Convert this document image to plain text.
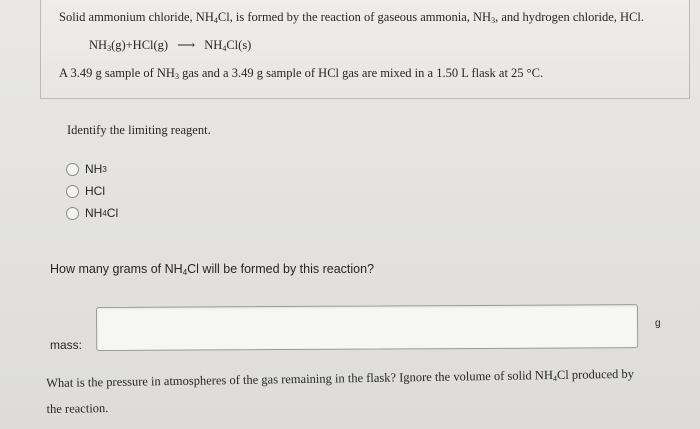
Solid ammonium chloride, $NH_4Cl$, is formed by the reaction of gaseous ammonia, $NH_3$, and hydrogen chloride, HCl.
$NH_3(g)+HCl(g)$ ⟶ $NH_4Cl(s)$
A 3.49 g sample of $NH_3$ gas and a 3.49 g sample of HCl gas are mixed in a 1.50 L flask at 25 °C.
Identify the limiting reagent.
NH 3
HCl
NH 4 Cl
How many grams of $NH_4Cl$ will be formed by this reaction?
mass:
g
What is the pressure in atmospheres of the gas remaining in the flask? Ignore the volume of solid $NH_4Cl$ produced by the reaction.
